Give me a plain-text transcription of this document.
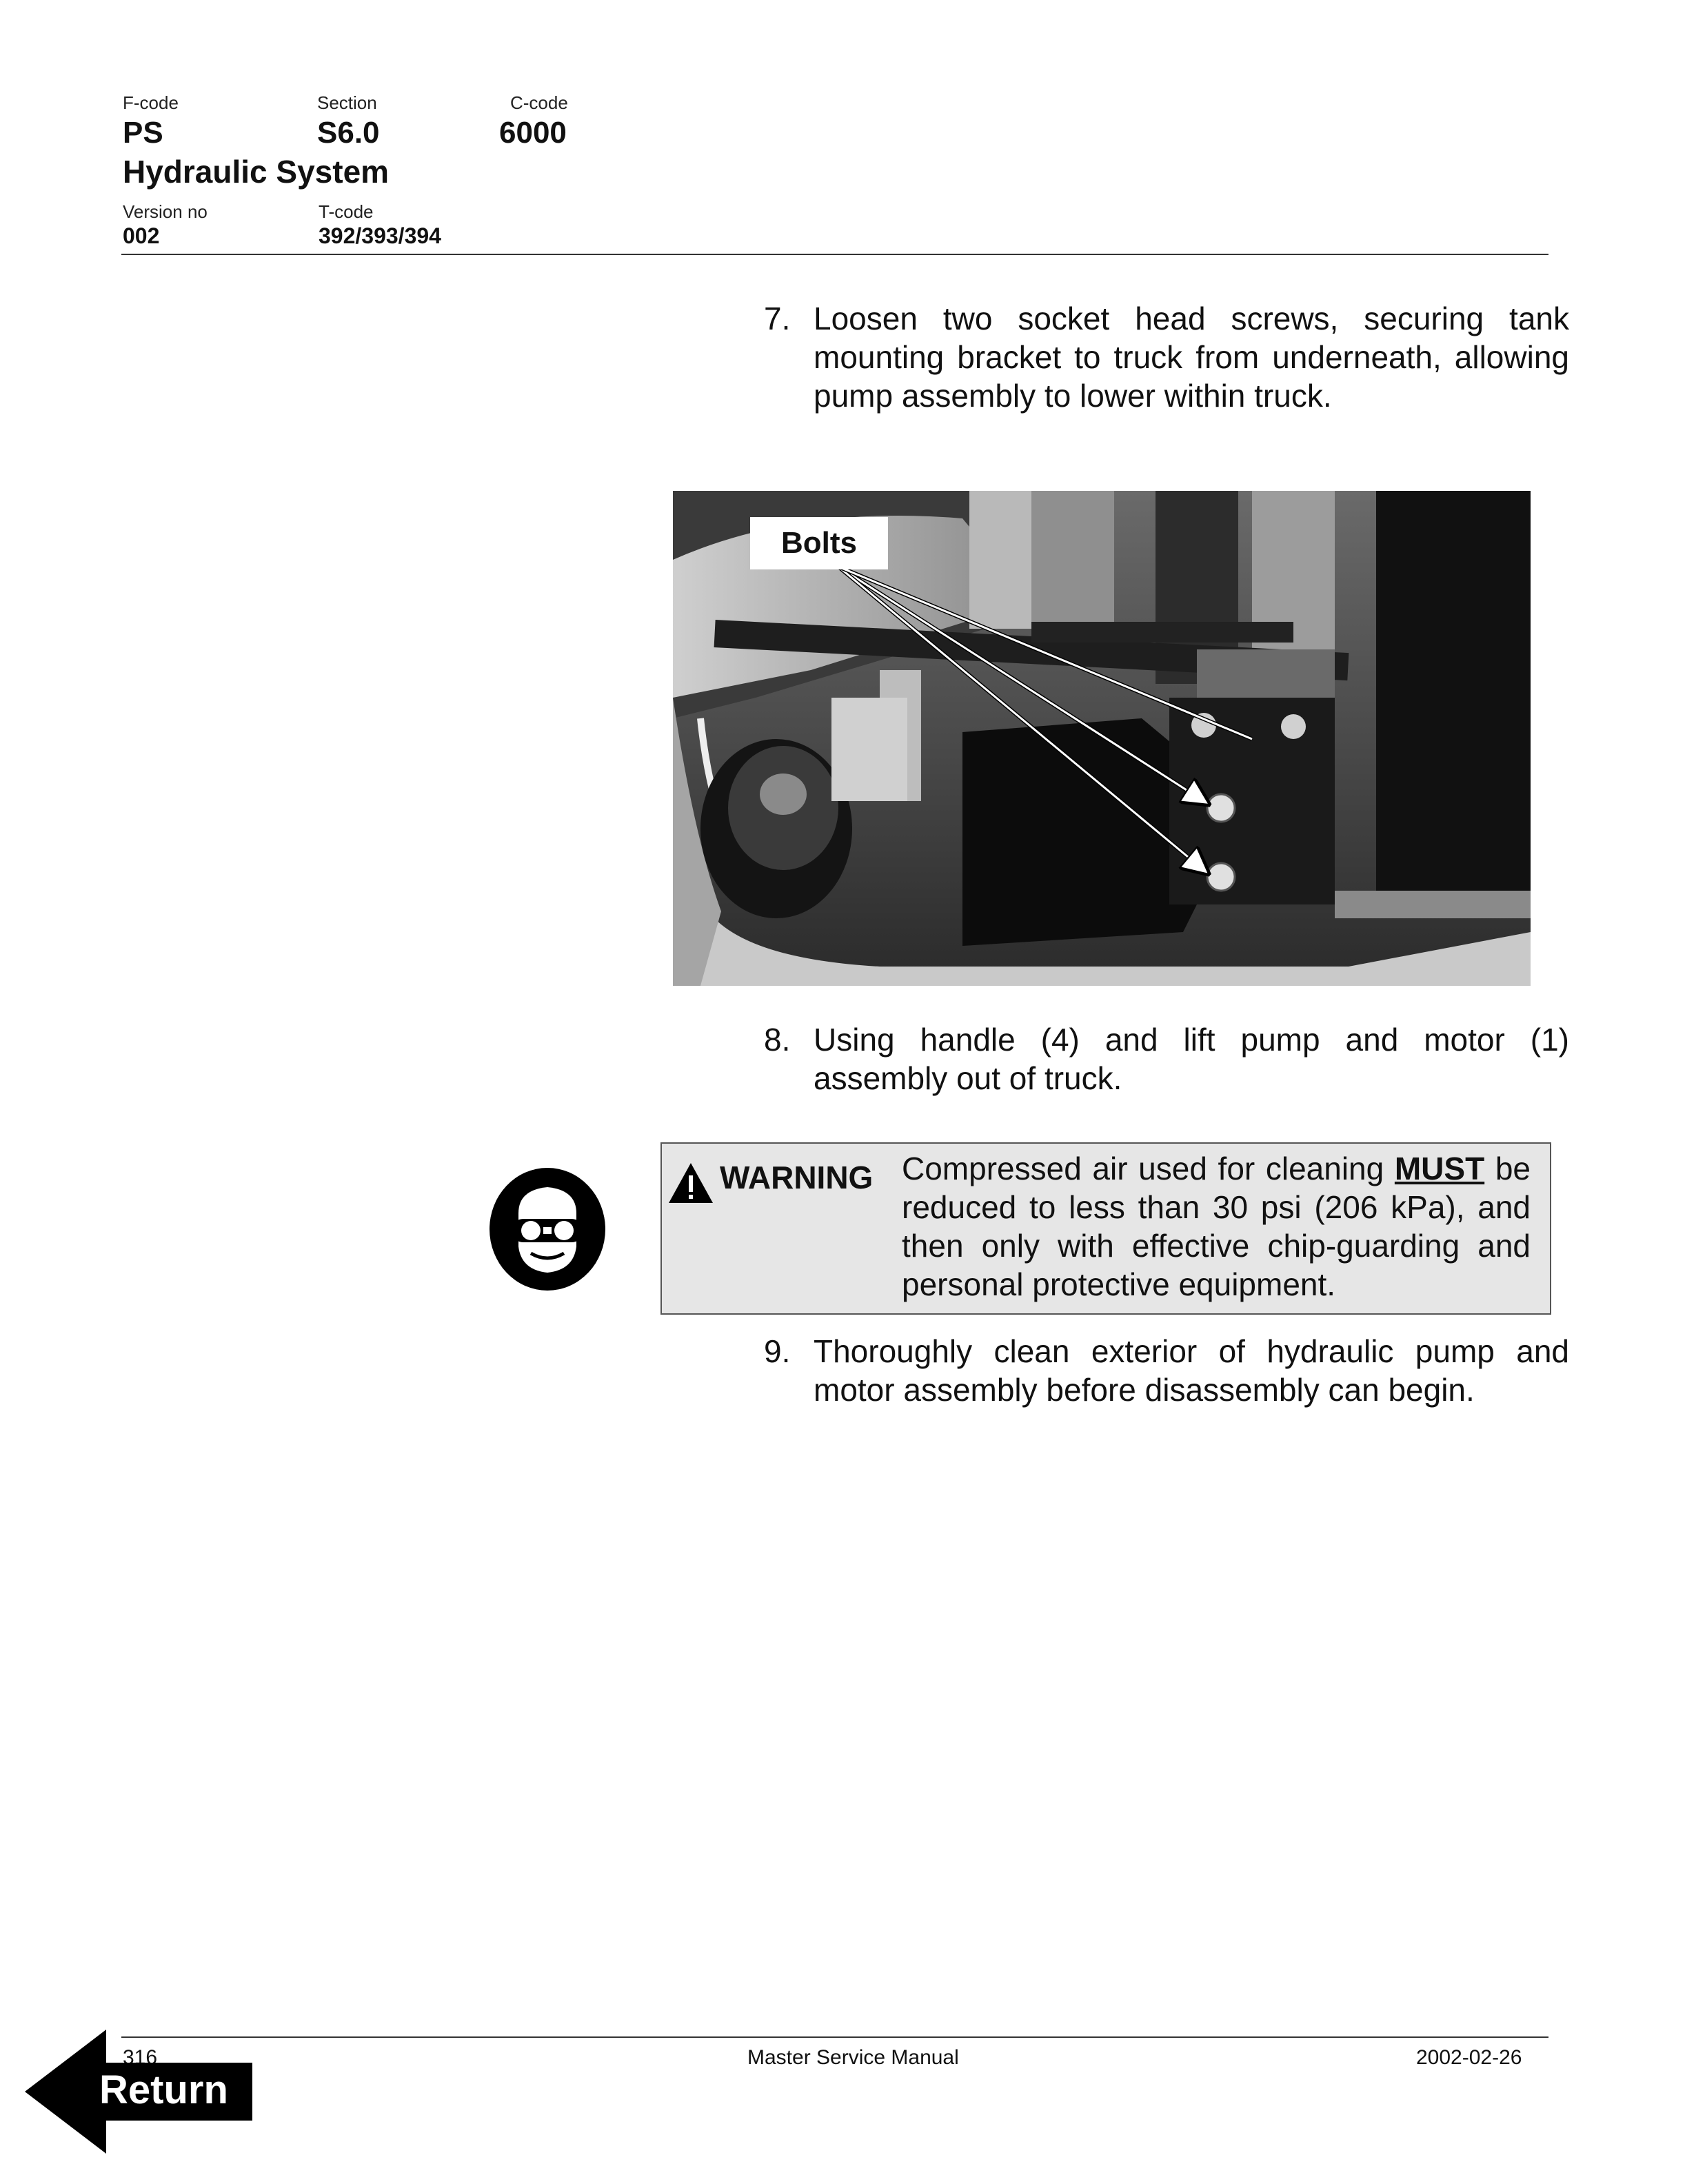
F-code
PS
Section
S6.0
C-code
6000
Hydraulic System
Version no
002
T-code
392/393/394
7. Loosen two socket head screws, securing tank mounting bracket to truck from underneath, allowing pump assembly to lower within truck.
Bolts
8. Using handle (4) and lift pump and motor (1) assembly out of truck.
WARNING Compressed air used for cleaning MUST be reduced to less than 30 psi (206 kPa), and then only with effective chip-guarding and personal protective equipment.
9. Thoroughly clean exterior of hydraulic pump and motor assembly before disassembly can begin.
316	Master Service Manual	2002-02-26
Return
